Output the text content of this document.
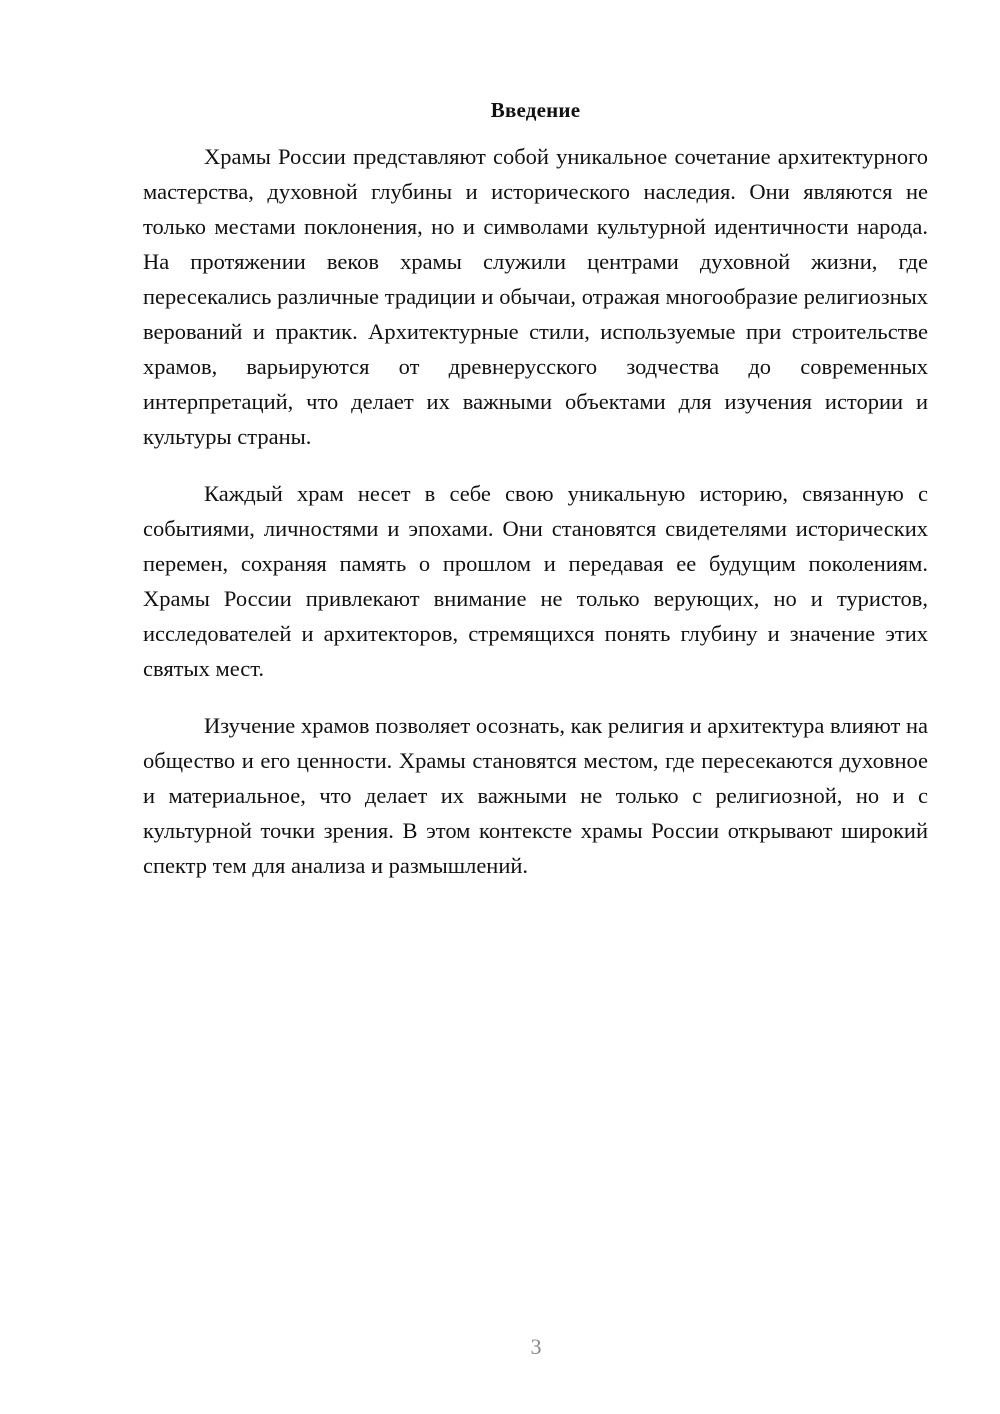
Введение

Храмы России представляют собой уникальное сочетание архитектурного мастерства, духовной глубины и исторического наследия. Они являются не только местами поклонения, но и символами культурной идентичности народа. На протяжении веков храмы служили центрами духовной жизни, где пересекались различные традиции и обычаи, отражая многообразие религиозных верований и практик. Архитектурные стили, используемые при строительстве храмов, варьируются от древнерусского зодчества до современных интерпретаций, что делает их важными объектами для изучения истории и культуры страны.

Каждый храм несет в себе свою уникальную историю, связанную с событиями, личностями и эпохами. Они становятся свидетелями исторических перемен, сохраняя память о прошлом и передавая ее будущим поколениям. Храмы России привлекают внимание не только верующих, но и туристов, исследователей и архитекторов, стремящихся понять глубину и значение этих святых мест.

Изучение храмов позволяет осознать, как религия и архитектура влияют на общество и его ценности. Храмы становятся местом, где пересекаются духовное и материальное, что делает их важными не только с религиозной, но и с культурной точки зрения. В этом контексте храмы России открывают широкий спектр тем для анализа и размышлений.

3
